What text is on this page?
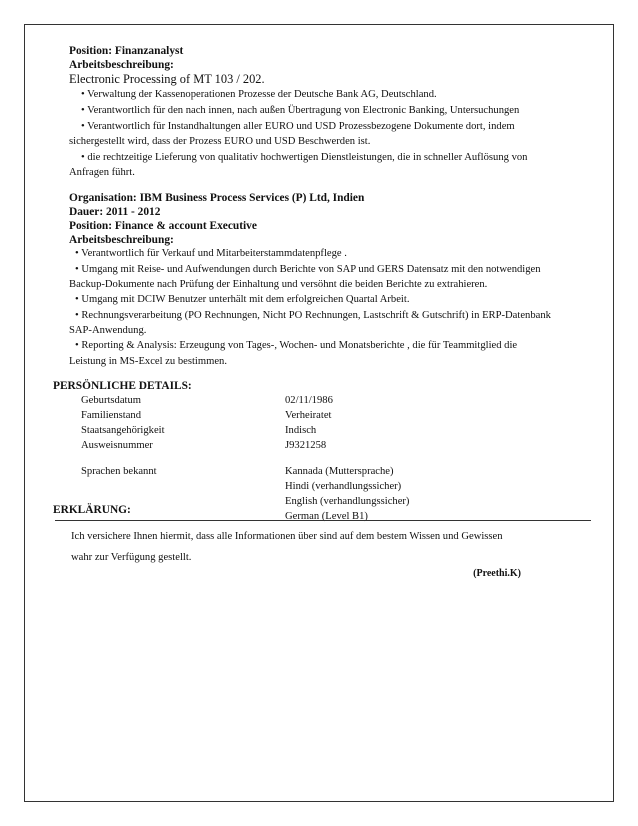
Position: Finanzanalyst
Arbeitsbeschreibung:
Electronic Processing of MT 103 / 202.
• Verwaltung der Kassenoperationen Prozesse der Deutsche Bank AG, Deutschland.
• Verantwortlich für den nach innen, nach außen Übertragung von Electronic Banking, Untersuchungen
• Verantwortlich für Instandhaltungen aller EURO und USD Prozessbezogene Dokumente dort, indem
sichergestellt wird, dass der Prozess EURO und USD Beschwerden ist.
• die rechtzeitige Lieferung von qualitativ hochwertigen Dienstleistungen, die in schneller Auflösung von
Anfragen führt.
Organisation: IBM Business Process Services (P) Ltd, Indien
Dauer: 2011 - 2012
Position: Finance & account Executive
Arbeitsbeschreibung:
• Verantwortlich für Verkauf und Mitarbeiterstammdatenpflege .
• Umgang mit Reise- und Aufwendungen durch Berichte von SAP und GERS Datensatz mit den notwendigen
Backup-Dokumente nach Prüfung der Einhaltung und versöhnt die beiden Berichte zu extrahieren.
• Umgang mit DCIW Benutzer unterhält mit dem erfolgreichen Quartal Arbeit.
• Rechnungsverarbeitung (PO Rechnungen, Nicht PO Rechnungen, Lastschrift & Gutschrift) in ERP-Datenbank
SAP-Anwendung.
• Reporting & Analysis: Erzeugung von Tages-, Wochen- und Monatsberichte , die für Teammitglied die
Leistung in MS-Excel zu bestimmen.
PERSÖNLICHE DETAILS:
Geburtsdatum	02/11/1986
Familienstand	Verheiratet
Staatsangehörigkeit	Indisch
Ausweisnummer	J9321258
Sprachen bekannt	Kannada (Muttersprache)
Hindi (verhandlungssicher)
English (verhandlungssicher)
German (Level B1)
ERKLÄRUNG:
Ich versichere Ihnen hiermit, dass alle Informationen über sind auf dem bestem Wissen und Gewissen
wahr zur Verfügung gestellt.
(Preethi.K)
